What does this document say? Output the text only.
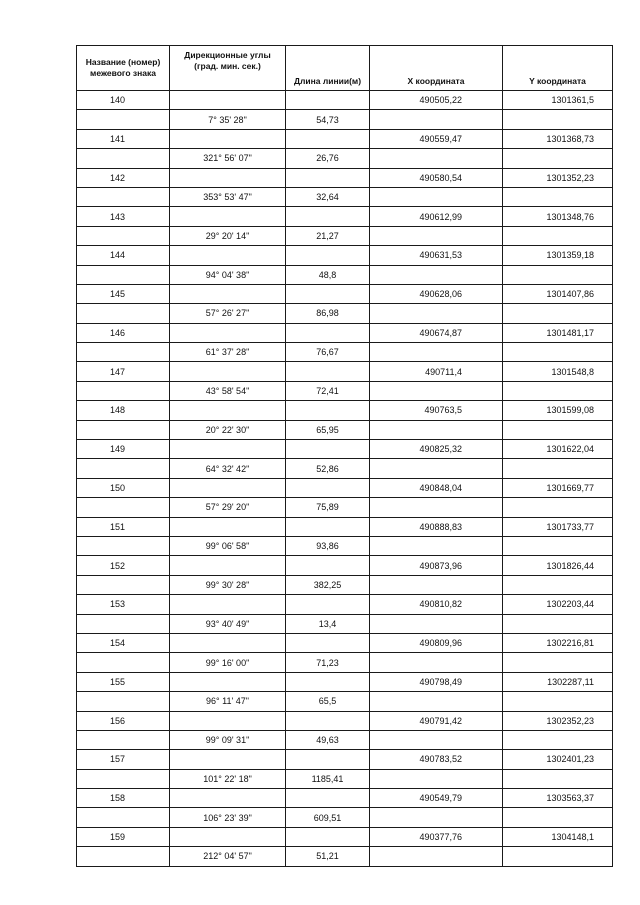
Название (номер) межевого знака	Дирекционные углы (град. мин. сек.)	Длина линии(м)	X координата	Y координата
140			490505,22	1301361,5
	7° 35' 28"	54,73		
141			490559,47	1301368,73
	321° 56' 07"	26,76		
142			490580,54	1301352,23
	353° 53' 47"	32,64		
143			490612,99	1301348,76
	29° 20' 14"	21,27		
144			490631,53	1301359,18
	94° 04' 38"	48,8		
145			490628,06	1301407,86
	57° 26' 27"	86,98		
146			490674,87	1301481,17
	61° 37' 28"	76,67		
147			490711,4	1301548,8
	43° 58' 54"	72,41		
148			490763,5	1301599,08
	20° 22' 30"	65,95		
149			490825,32	1301622,04
	64° 32' 42"	52,86		
150			490848,04	1301669,77
	57° 29' 20"	75,89		
151			490888,83	1301733,77
	99° 06' 58"	93,86		
152			490873,96	1301826,44
	99° 30' 28"	382,25		
153			490810,82	1302203,44
	93° 40' 49"	13,4		
154			490809,96	1302216,81
	99° 16' 00"	71,23		
155			490798,49	1302287,11
	96° 11' 47"	65,5		
156			490791,42	1302352,23
	99° 09' 31"	49,63		
157			490783,52	1302401,23
	101° 22' 18"	1185,41		
158			490549,79	1303563,37
	106° 23' 39"	609,51		
159			490377,76	1304148,1
	212° 04' 57"	51,21		
